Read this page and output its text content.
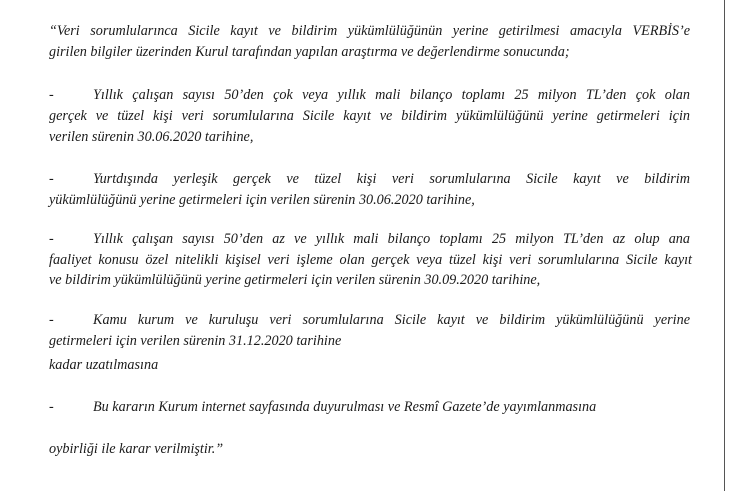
“Veri sorumlularınca Sicile kayıt ve bildirim yükümlülüğünün yerine getirilmesi amacıyla VERBİS’e
girilen bilgiler üzerinden Kurul tarafından yapılan araştırma ve değerlendirme sonucunda;
-	Yıllık çalışan sayısı 50’den çok veya yıllık mali bilanço toplamı 25 milyon TL’den çok olan
gerçek ve tüzel kişi veri sorumlularına Sicile kayıt ve bildirim yükümlülüğünü yerine getirmeleri için
verilen sürenin 30.06.2020 tarihine,
-	Yurtdışında yerleşik gerçek ve tüzel kişi veri sorumlularına Sicile kayıt ve bildirim
yükümlülüğünü yerine getirmeleri için verilen sürenin 30.06.2020 tarihine,
-	Yıllık çalışan sayısı 50’den az ve yıllık mali bilanço toplamı 25 milyon TL’den az olup ana
faaliyet konusu özel nitelikli kişisel veri işleme olan gerçek veya tüzel kişi veri sorumlularına Sicile kayıt
ve bildirim yükümlülüğünü yerine getirmeleri için verilen sürenin 30.09.2020 tarihine,
-	Kamu kurum ve kuruluşu veri sorumlularına Sicile kayıt ve bildirim yükümlülüğünü yerine
getirmeleri için verilen sürenin 31.12.2020 tarihine
kadar uzatılmasına
-	Bu kararın Kurum internet sayfasında duyurulması ve Resmî Gazete’de yayımlanmasına
oybirliği ile karar verilmiştir.”
